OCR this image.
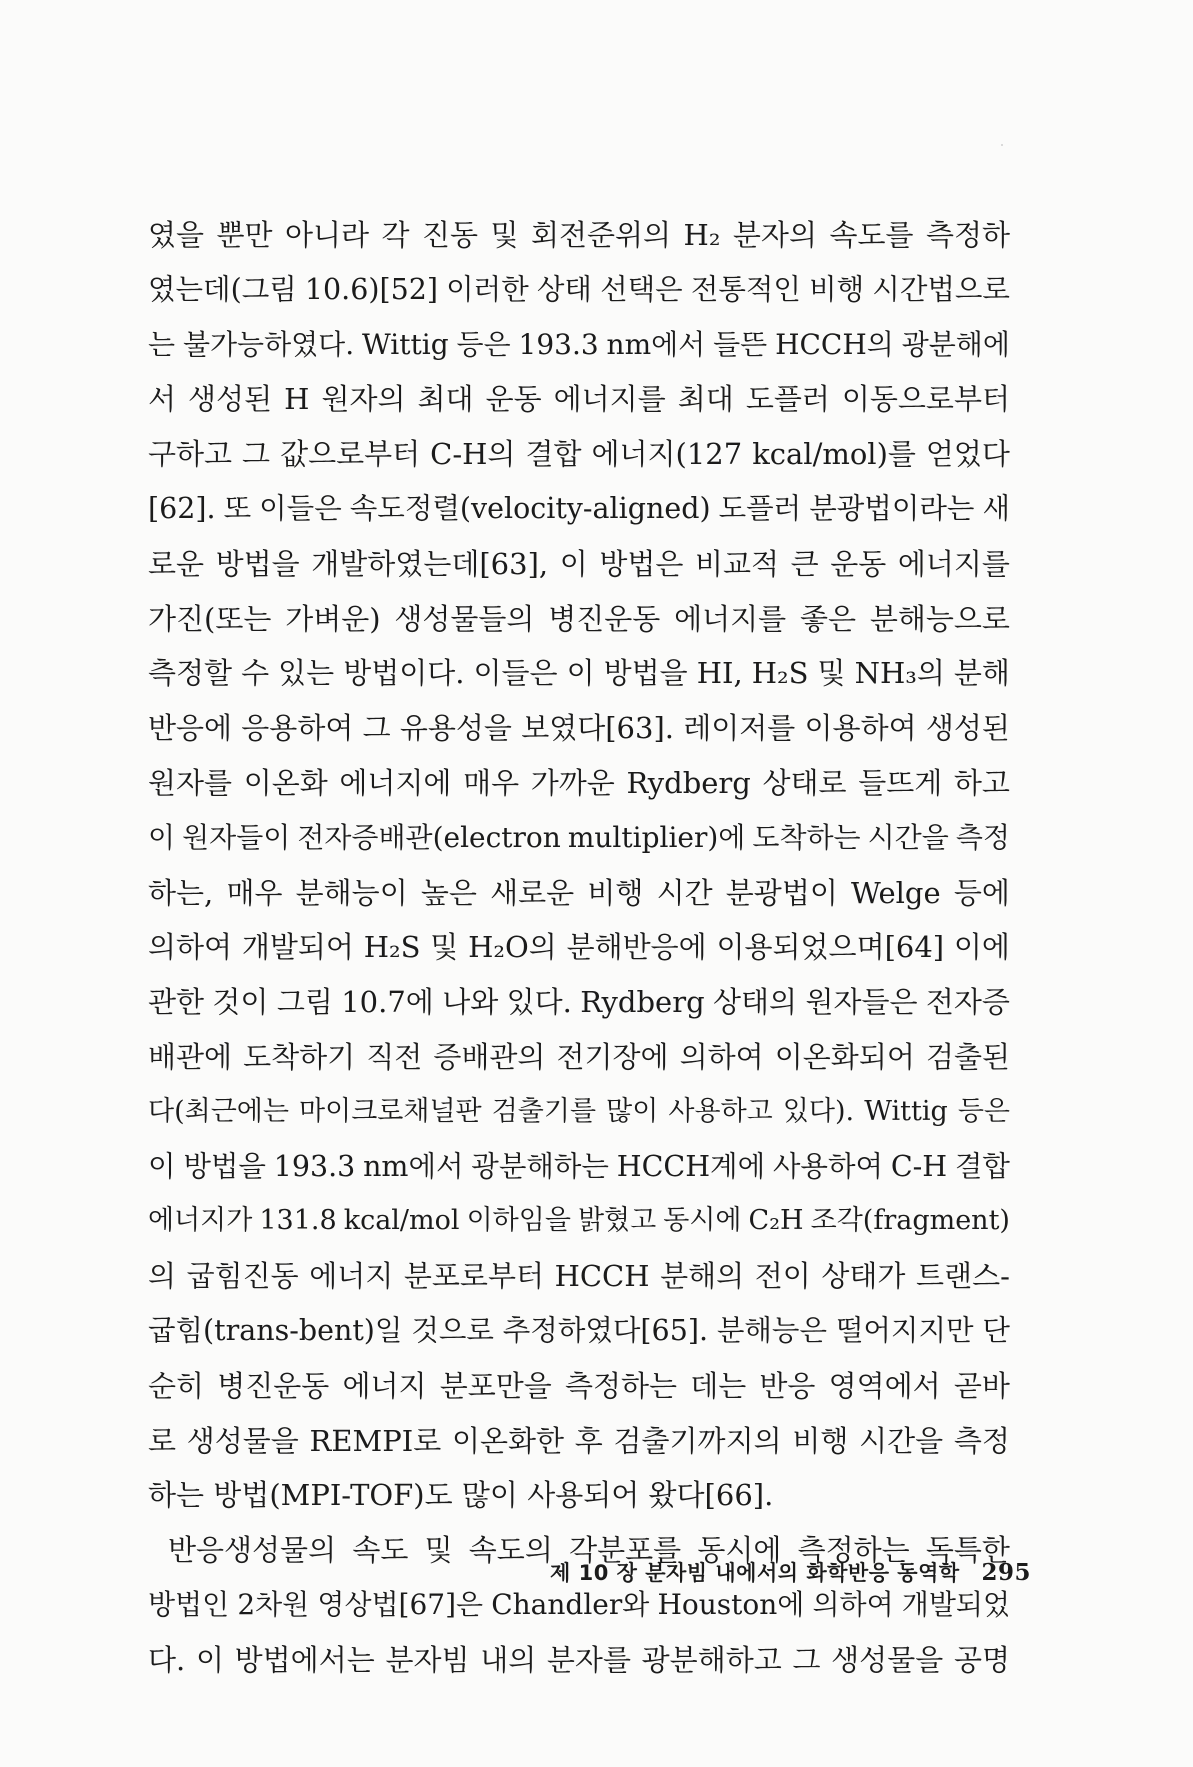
였을 뿐만 아니라 각 진동 및 회전준위의 H₂ 분자의 속도를 측정하
였는데(그림 10.6)[52] 이러한 상태 선택은 전통적인 비행 시간법으로
는 불가능하였다. Wittig 등은 193.3 nm에서 들뜬 HCCH의 광분해에
서 생성된 H 원자의 최대 운동 에너지를 최대 도플러 이동으로부터
구하고 그 값으로부터 C-H의 결합 에너지(127 kcal/mol)를 얻었다
[62]. 또 이들은 속도정렬(velocity-aligned) 도플러 분광법이라는 새
로운 방법을 개발하였는데[63], 이 방법은 비교적 큰 운동 에너지를
가진(또는 가벼운) 생성물들의 병진운동 에너지를 좋은 분해능으로
측정할 수 있는 방법이다. 이들은 이 방법을 HI, H₂S 및 NH₃의 분해
반응에 응용하여 그 유용성을 보였다[63]. 레이저를 이용하여 생성된
원자를 이온화 에너지에 매우 가까운 Rydberg 상태로 들뜨게 하고
이 원자들이 전자증배관(electron multiplier)에 도착하는 시간을 측정
하는, 매우 분해능이 높은 새로운 비행 시간 분광법이 Welge 등에
의하여 개발되어 H₂S 및 H₂O의 분해반응에 이용되었으며[64] 이에
관한 것이 그림 10.7에 나와 있다. Rydberg 상태의 원자들은 전자증
배관에 도착하기 직전 증배관의 전기장에 의하여 이온화되어 검출된
다(최근에는 마이크로채널판 검출기를 많이 사용하고 있다). Wittig 등은
이 방법을 193.3 nm에서 광분해하는 HCCH계에 사용하여 C-H 결합
에너지가 131.8 kcal/mol 이하임을 밝혔고 동시에 C₂H 조각(fragment)
의 굽힘진동 에너지 분포로부터 HCCH 분해의 전이 상태가 트랜스-
굽힘(trans-bent)일 것으로 추정하였다[65]. 분해능은 떨어지지만 단
순히 병진운동 에너지 분포만을 측정하는 데는 반응 영역에서 곧바
로 생성물을 REMPI로 이온화한 후 검출기까지의 비행 시간을 측정
하는 방법(MPI-TOF)도 많이 사용되어 왔다[66].
반응생성물의 속도 및 속도의 각분포를 동시에 측정하는 독특한
방법인 2차원 영상법[67]은 Chandler와 Houston에 의하여 개발되었
다. 이 방법에서는 분자빔 내의 분자를 광분해하고 그 생성물을 공명
제 10 장 분자빔 내에서의 화학반응 동역학 295
